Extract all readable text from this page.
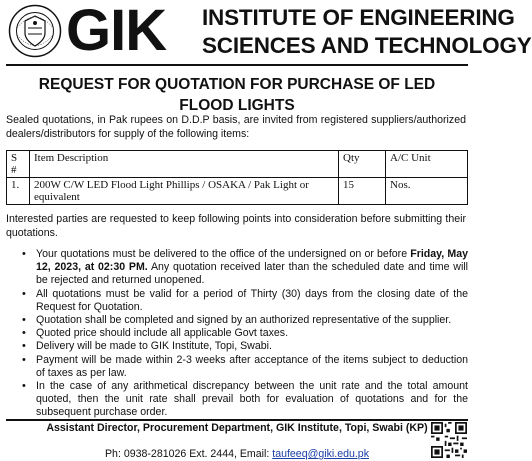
GIK INSTITUTE OF ENGINEERING
SCIENCES AND TECHNOLOGY
REQUEST FOR QUOTATION FOR PURCHASE OF LED FLOOD LIGHTS
Sealed quotations, in Pak rupees on D.D.P basis, are invited from registered suppliers/authorized dealers/distributors for supply of the following items:
S #	Item Description	Qty	A/C Unit
1.	200W C/W LED Flood Light Phillips / OSAKA / Pak Light or equivalent	15	Nos.
Interested parties are requested to keep following points into consideration before submitting their quotations.
• Your quotations must be delivered to the office of the undersigned on or before Friday, May 12, 2023, at 02:30 PM. Any quotation received later than the scheduled date and time will be rejected and returned unopened.
• All quotations must be valid for a period of Thirty (30) days from the closing date of the Request for Quotation.
• Quotation shall be completed and signed by an authorized representative of the supplier.
• Quoted price should include all applicable Govt taxes.
• Delivery will be made to GIK Institute, Topi, Swabi.
• Payment will be made within 2-3 weeks after acceptance of the items subject to deduction of taxes as per law.
• In the case of any arithmetical discrepancy between the unit rate and the total amount quoted, then the unit rate shall prevail both for evaluation of quotations and for the subsequent purchase order.
Assistant Director, Procurement Department, GIK Institute, Topi, Swabi (KP)
Ph: 0938-281026 Ext. 2444, Email: taufeeq@giki.edu.pk
